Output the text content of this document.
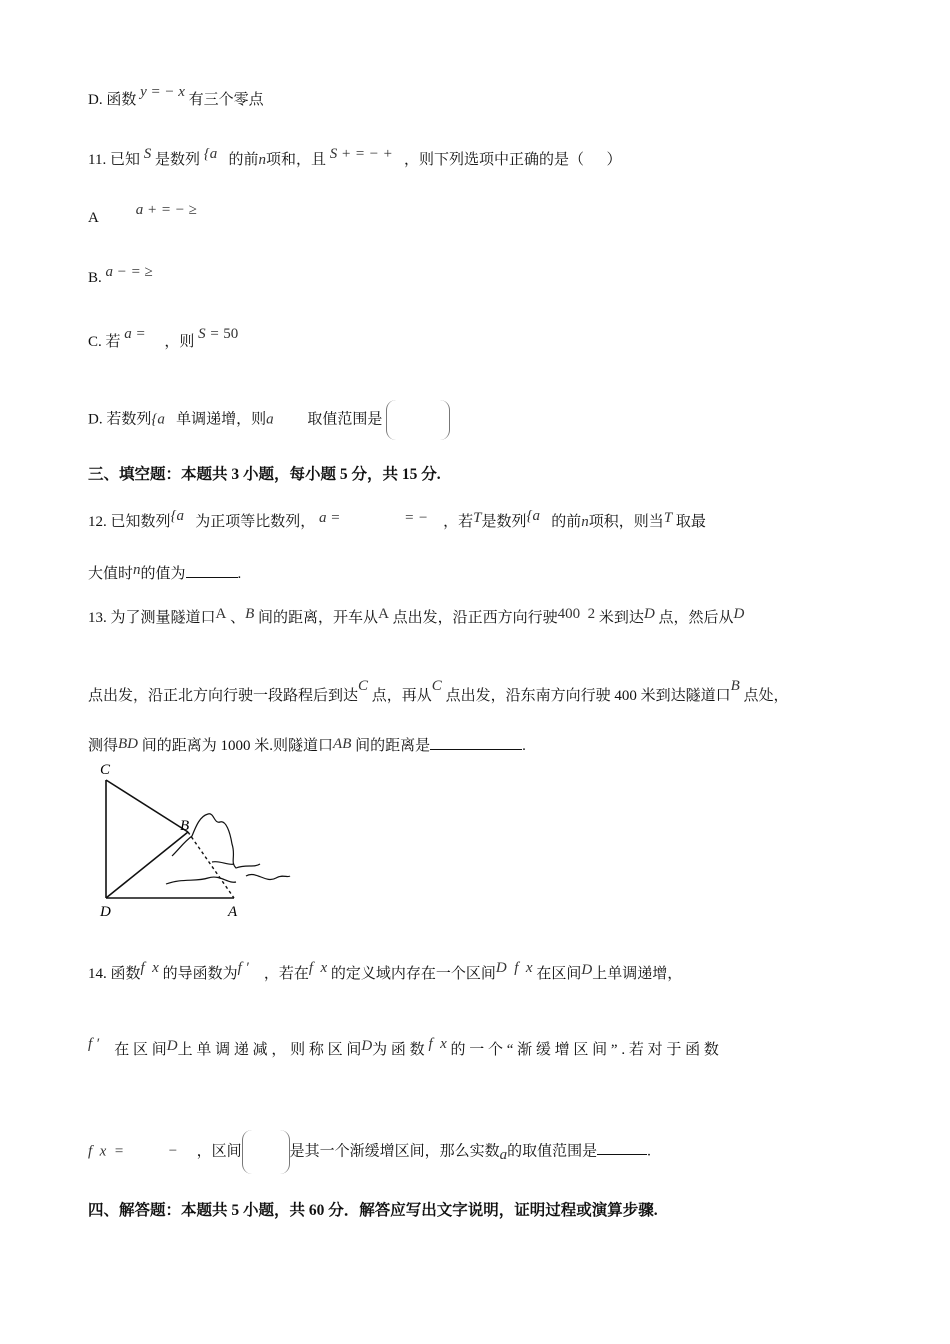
D. 函数 y = − x 有三个零点
11. 已知 S 是数列 {a 的前n项和，且 S + = − + ，则下列选项中正确的是（ ）
A	a + = − ≥
B. a − = ≥
C. 若 a = ，则 S = 50
D. 若数列{a 单调递增，则a 取值范围是
三、填空题：本题共 3 小题，每小题 5 分，共 15 分.
12. 已知数列{a 为正项等比数列， a =	= − ，若T是数列{a 的前n项积，则当T 取最
大值时n的值为	.
13. 为了测量隧道口A 、B 间的距离，开车从A 点出发，沿正西方向行驶400  2 米到达D 点，然后从D
点出发，沿正北方向行驶一段路程后到达C 点，再从C 点出发，沿东南方向行驶 400 米到达隧道口B 点处，
测得BD 间的距离为 1000 米.则隧道口AB 间的距离是	.
C
B
D	A
14. 函数f  x 的导函数为f ′ ，若在f  x 的定义域内存在一个区间D  f  x 在区间D上单调递增，
f ′ 在 区 间D上 单 调 递 减 ， 则 称 区 间D为 函 数 f  x 的 一 个 “ 渐 缓 增 区 间 ” . 若 对 于 函 数
f  x  =	− ，区间	是其一个渐缓增区间，那么实数a的取值范围是	.
四、解答题：本题共 5 小题，共 60 分．解答应写出文字说明，证明过程或演算步骤.
